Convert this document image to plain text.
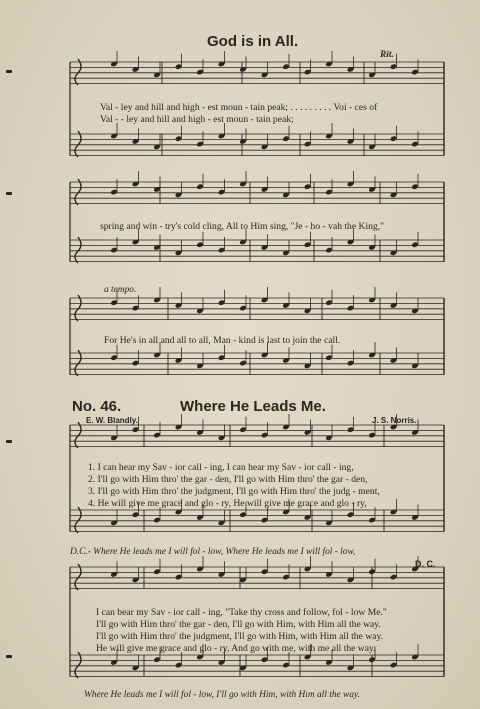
God is in All.
Rit.
Val - ley and hill and high - est moun - tain peak; . . . . . . . . . Voi - ces of
Val - - ley and hill and high - est moun - tain peak;
spring and win - try's cold cling, All to Him sing, "Je - ho - vah the King,"
a tempo.
For He's in all and all to all, Man - kind is last to join the call.
No. 46.	Where He Leads Me.
E. W. Blandly.	J. S. Norris.
1. I can hear my Sav - ior call - ing, I can hear my Sav - ior call - ing,
2. I'll go with Him thro' the gar - den, I'll go with Him thro' the gar - den,
3. I'll go with Him thro' the judgment, I'll go with Him thro' the judg - ment,
4. He will give me grace and glo - ry, He will give me grace and glo - ry,
D.C.- Where He leads me I will fol - low, Where He leads me I will fol - low,
D. C.
I can bear my Sav - ior call - ing, "Take thy cross and follow, fol - low Me."
I'll go with Him thro' the gar - den, I'll go with Him, with Him all the way.
I'll go with Him thro' the judgment, I'll go with Him, with Him all the way.
He will give me grace and glo - ry, And go with me, with me all the way.
Where He leads me I will fol - low, I'll go with Him, with Hım all the way.
